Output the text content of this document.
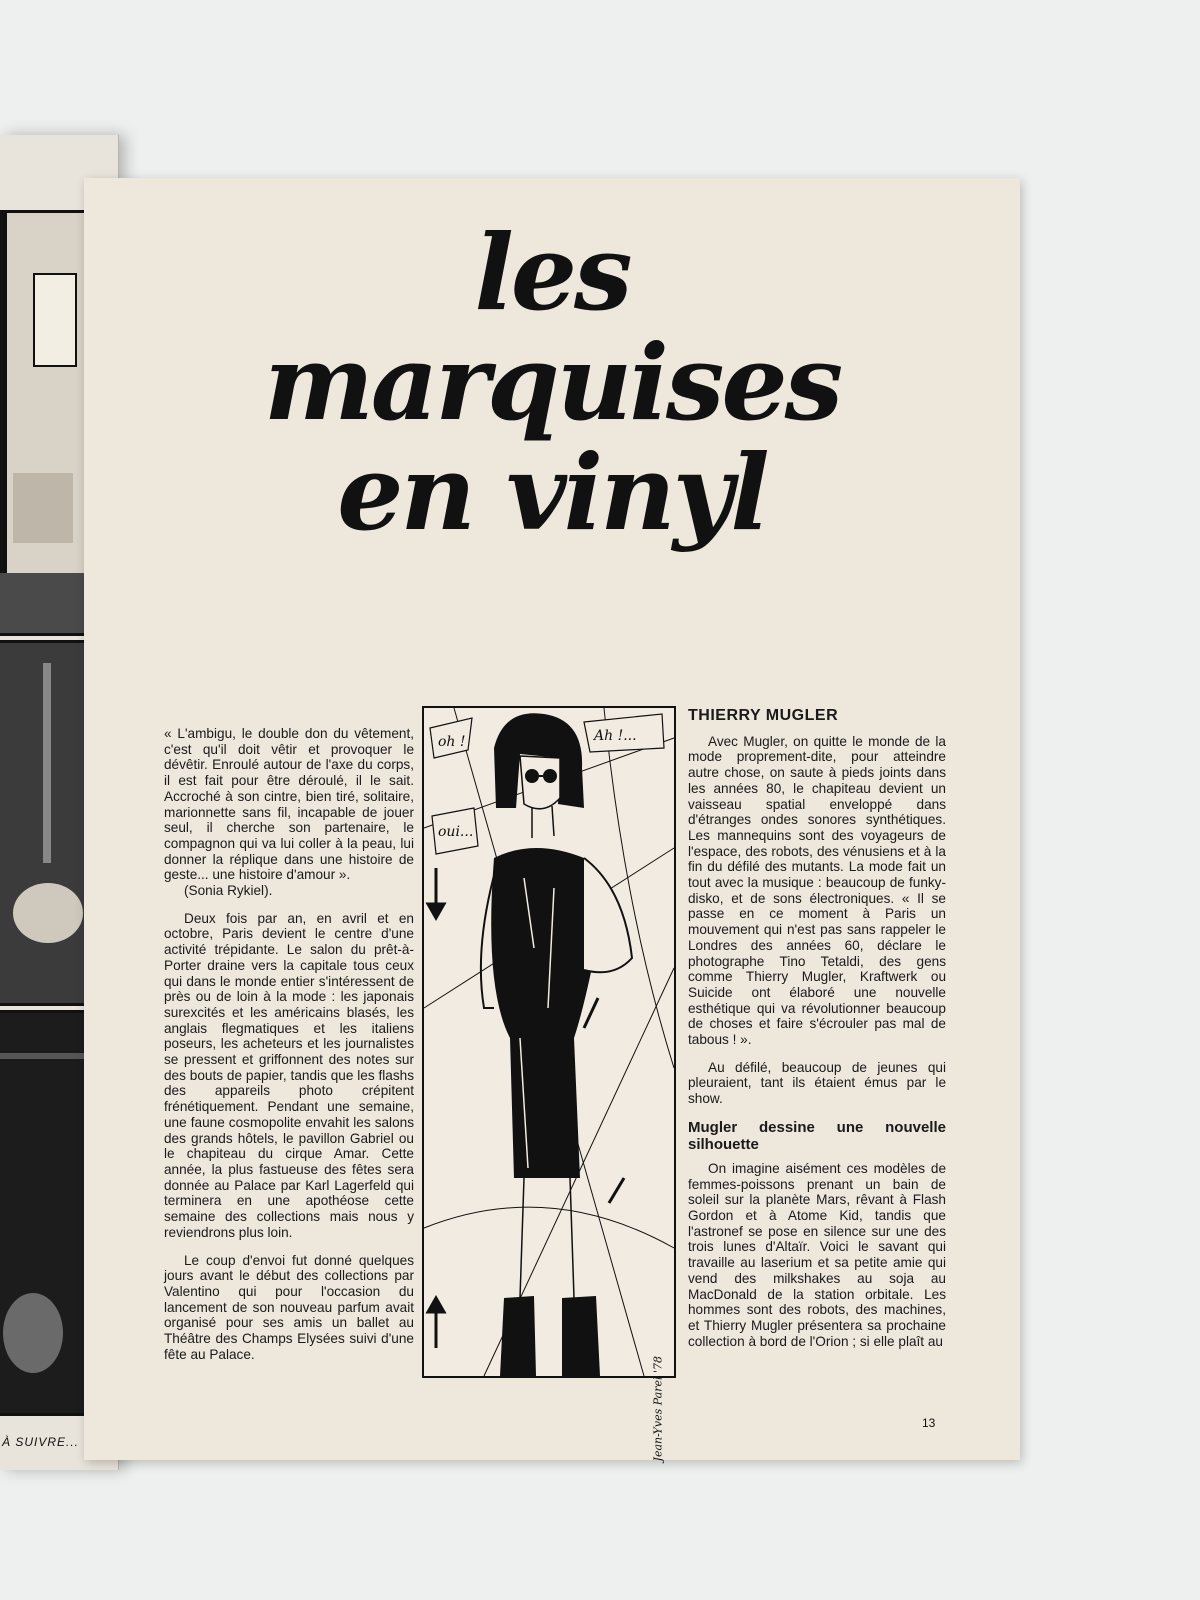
À SUIVRE...
les
marquises
en vinyl

« L'ambigu, le double don du vêtement, c'est qu'il doit vêtir et provoquer le dévêtir. Enroulé autour de l'axe du corps, il est fait pour être déroulé, il le sait. Accroché à son cintre, bien tiré, solitaire, marionnette sans fil, incapable de jouer seul, il cherche son partenaire, le compagnon qui va lui coller à la peau, lui donner la réplique dans une histoire de geste... une histoire d'amour ».

(Sonia Rykiel).

Deux fois par an, en avril et en octobre, Paris devient le centre d'une activité trépidante. Le salon du prêt-à-Porter draine vers la capitale tous ceux qui dans le monde entier s'intéressent de près ou de loin à la mode : les japonais surexcités et les américains blasés, les anglais flegmatiques et les italiens poseurs, les acheteurs et les journalistes se pressent et griffonnent des notes sur des bouts de papier, tandis que les flashs des appareils photo crépitent frénétiquement. Pendant une semaine, une faune cosmopolite envahit les salons des grands hôtels, le pavillon Gabriel ou le chapiteau du cirque Amar. Cette année, la plus fastueuse des fêtes sera donnée au Palace par Karl Lagerfeld qui terminera en une apothéose cette semaine des collections mais nous y reviendrons plus loin.

Le coup d'envoi fut donné quelques jours avant le début des collections par Valentino qui pour l'occasion du lancement de son nouveau parfum avait organisé pour ses amis un ballet au Théâtre des Champs Elysées suivi d'une fête au Palace.

oh !	Ah !...
oui...
Jean-Yves Parel '78
THIERRY MUGLER

Avec Mugler, on quitte le monde de la mode proprement-dite, pour atteindre autre chose, on saute à pieds joints dans les années 80, le chapiteau devient un vaisseau spatial enveloppé dans d'étranges ondes sonores synthétiques. Les mannequins sont des voyageurs de l'espace, des robots, des vénusiens et à la fin du défilé des mutants. La mode fait un tout avec la musique : beaucoup de funky-disko, et de sons électroniques. « Il se passe en ce moment à Paris un mouvement qui n'est pas sans rappeler le Londres des années 60, déclare le photographe Tino Tetaldi, des gens comme Thierry Mugler, Kraftwerk ou Suicide ont élaboré une nouvelle esthétique qui va révolutionner beaucoup de choses et faire s'écrouler pas mal de tabous ! ».

Au défilé, beaucoup de jeunes qui pleuraient, tant ils étaient émus par le show.

Mugler dessine une nouvelle silhouette

On imagine aisément ces modèles de femmes-poissons prenant un bain de soleil sur la planète Mars, rêvant à Flash Gordon et à Atome Kid, tandis que l'astronef se pose en silence sur une des trois lunes d'Altaïr. Voici le savant qui travaille au laserium et sa petite amie qui vend des milkshakes au soja au MacDonald de la station orbitale. Les hommes sont des robots, des machines, et Thierry Mugler présentera sa prochaine collection à bord de l'Orion ; si elle plaît au

13
